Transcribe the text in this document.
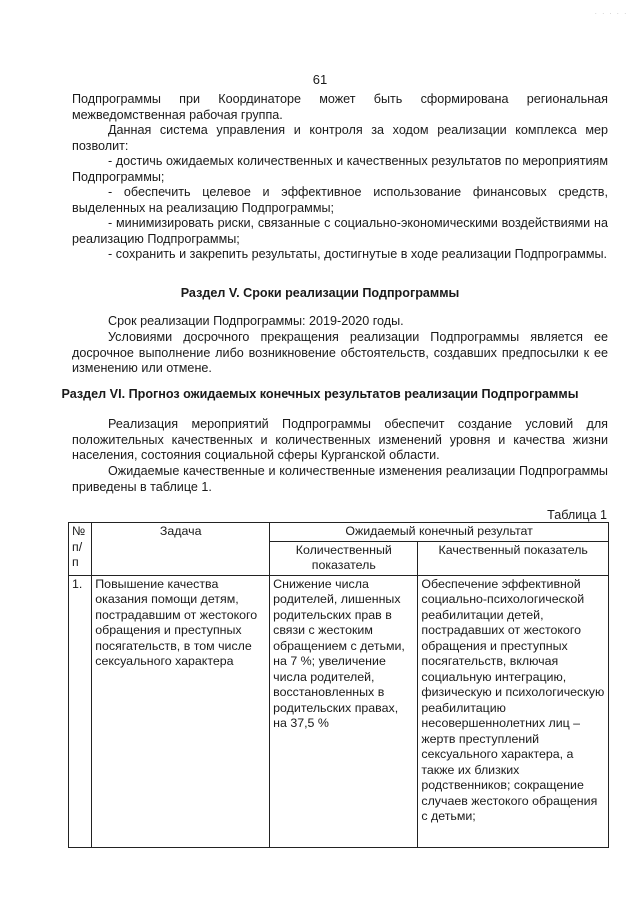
. . . . .
61

Подпрограммы при Координаторе может быть сформирована региональная межведомственная рабочая группа.

Данная система управления и контроля за ходом реализации комплекса мер позволит:

- достичь ожидаемых количественных и качественных результатов по мероприятиям Подпрограммы;

- обеспечить целевое и эффективное использование финансовых средств, выделенных на реализацию Подпрограммы;

- минимизировать риски, связанные с социально-экономическими воздействиями на реализацию Подпрограммы;

- сохранить и закрепить результаты, достигнутые в ходе реализации Подпрограммы.

Раздел V. Сроки реализации Подпрограммы

Срок реализации Подпрограммы: 2019-2020 годы.

Условиями досрочного прекращения реализации Подпрограммы является ее досрочное выполнение либо возникновение обстоятельств, создавших предпосылки к ее изменению или отмене.

Раздел VI. Прогноз ожидаемых конечных результатов реализации Подпрограммы

Реализация мероприятий Подпрограммы обеспечит создание условий для положительных качественных и количественных изменений уровня и качества жизни населения, состояния социальной сферы Курганской области.

Ожидаемые качественные и количественные изменения реализации Подпрограммы приведены в таблице 1.

Таблица 1
№ п/п	Задача	Ожидаемый конечный результат	
		Количественный показатель	Качественный показатель
1.	Повышение качества оказания помощи детям, пострадавшим от жестокого обращения и преступных посягательств, в том числе сексуального характера	Снижение числа родителей, лишенных родительских прав в связи с жестоким обращением с детьми, на 7 %; увеличение числа родителей, восстановленных в родительских правах, на 37,5 %	Обеспечение эффективной социально-психологической реабилитации детей, пострадавших от жестокого обращения и преступных посягательств, включая социальную интеграцию, физическую и психологическую реабилитацию несовершеннолетних лиц – жертв преступлений сексуального характера, а также их близких родственников; сокращение случаев жестокого обращения с детьми;
